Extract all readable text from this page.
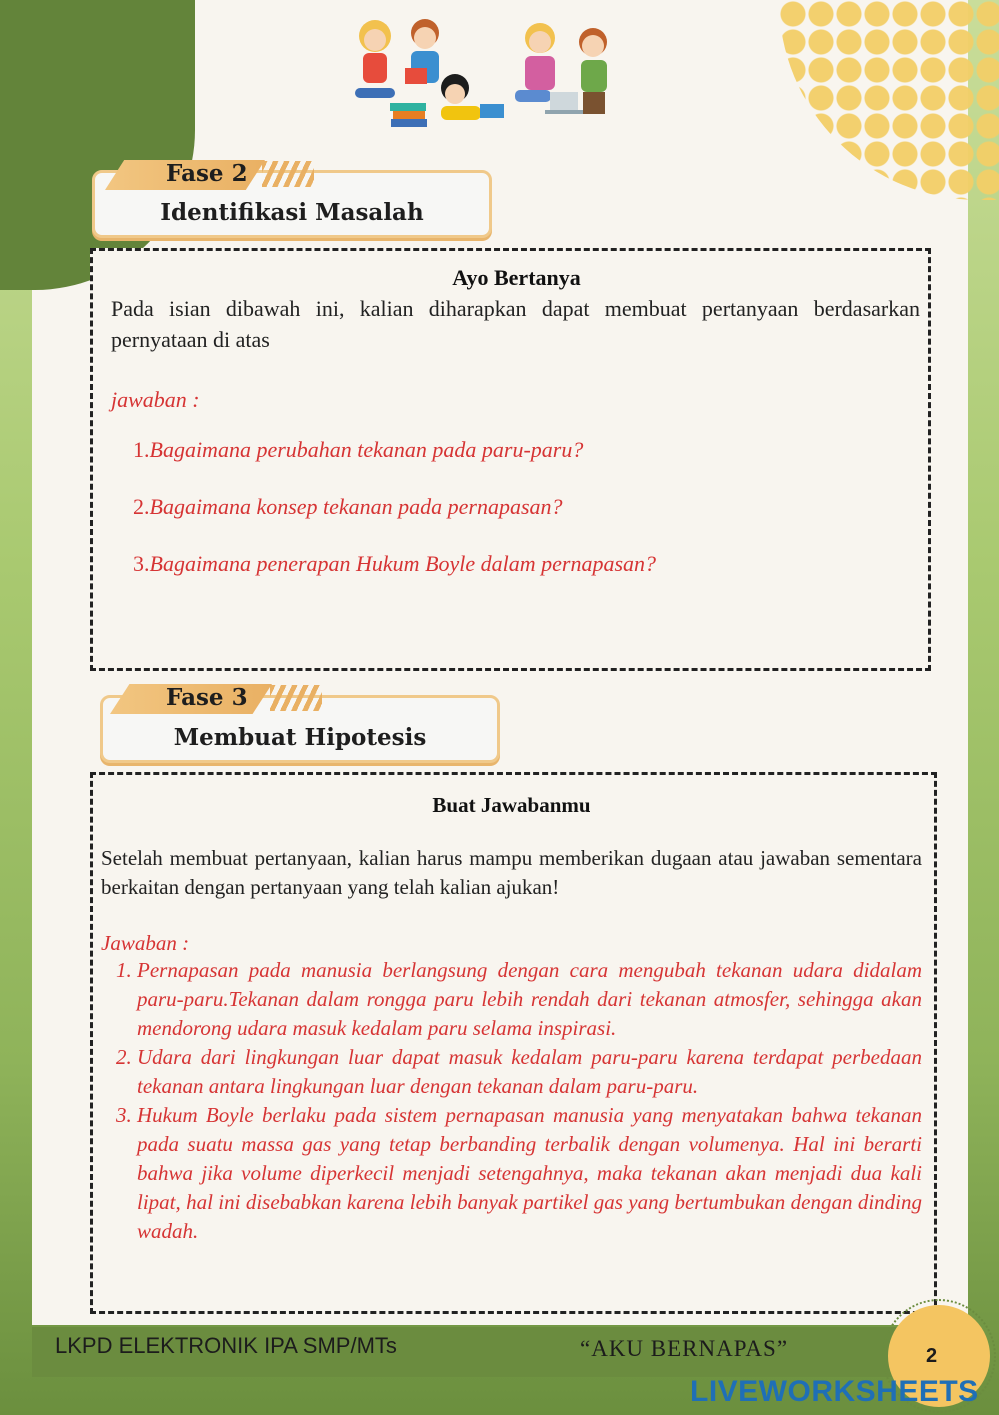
Identifikasi Masalah
Fase 2
Ayo Bertanya
Pada isian dibawah ini, kalian diharapkan dapat membuat pertanyaan berdasarkan pernyataan di atas
jawaban :
1.Bagaimana perubahan tekanan pada paru-paru?
2.Bagaimana konsep tekanan pada pernapasan?
3.Bagaimana penerapan Hukum Boyle dalam pernapasan?
Membuat Hipotesis
Fase 3
Buat Jawabanmu
Setelah membuat pertanyaan, kalian harus mampu memberikan dugaan atau jawaban sementara berkaitan dengan pertanyaan yang telah kalian ajukan!
Jawaban :
1. Pernapasan pada manusia berlangsung dengan cara mengubah tekanan udara didalam paru-paru.Tekanan dalam rongga paru lebih rendah dari tekanan atmosfer, sehingga akan mendorong udara masuk kedalam paru selama inspirasi.
2. Udara dari lingkungan luar dapat masuk kedalam paru-paru karena terdapat perbedaan tekanan antara lingkungan luar dengan tekanan dalam paru-paru.
3. Hukum Boyle berlaku pada sistem pernapasan manusia yang menyatakan bahwa tekanan pada suatu massa gas yang tetap berbanding terbalik dengan volumenya. Hal ini berarti bahwa jika volume diperkecil menjadi setengahnya, maka tekanan akan menjadi dua kali lipat, hal ini disebabkan karena lebih banyak partikel gas yang bertumbukan dengan dinding wadah.
LKPD ELEKTRONIK IPA SMP/MTs	“AKU BERNAPAS”	2
LIVEWORKSHEETS
